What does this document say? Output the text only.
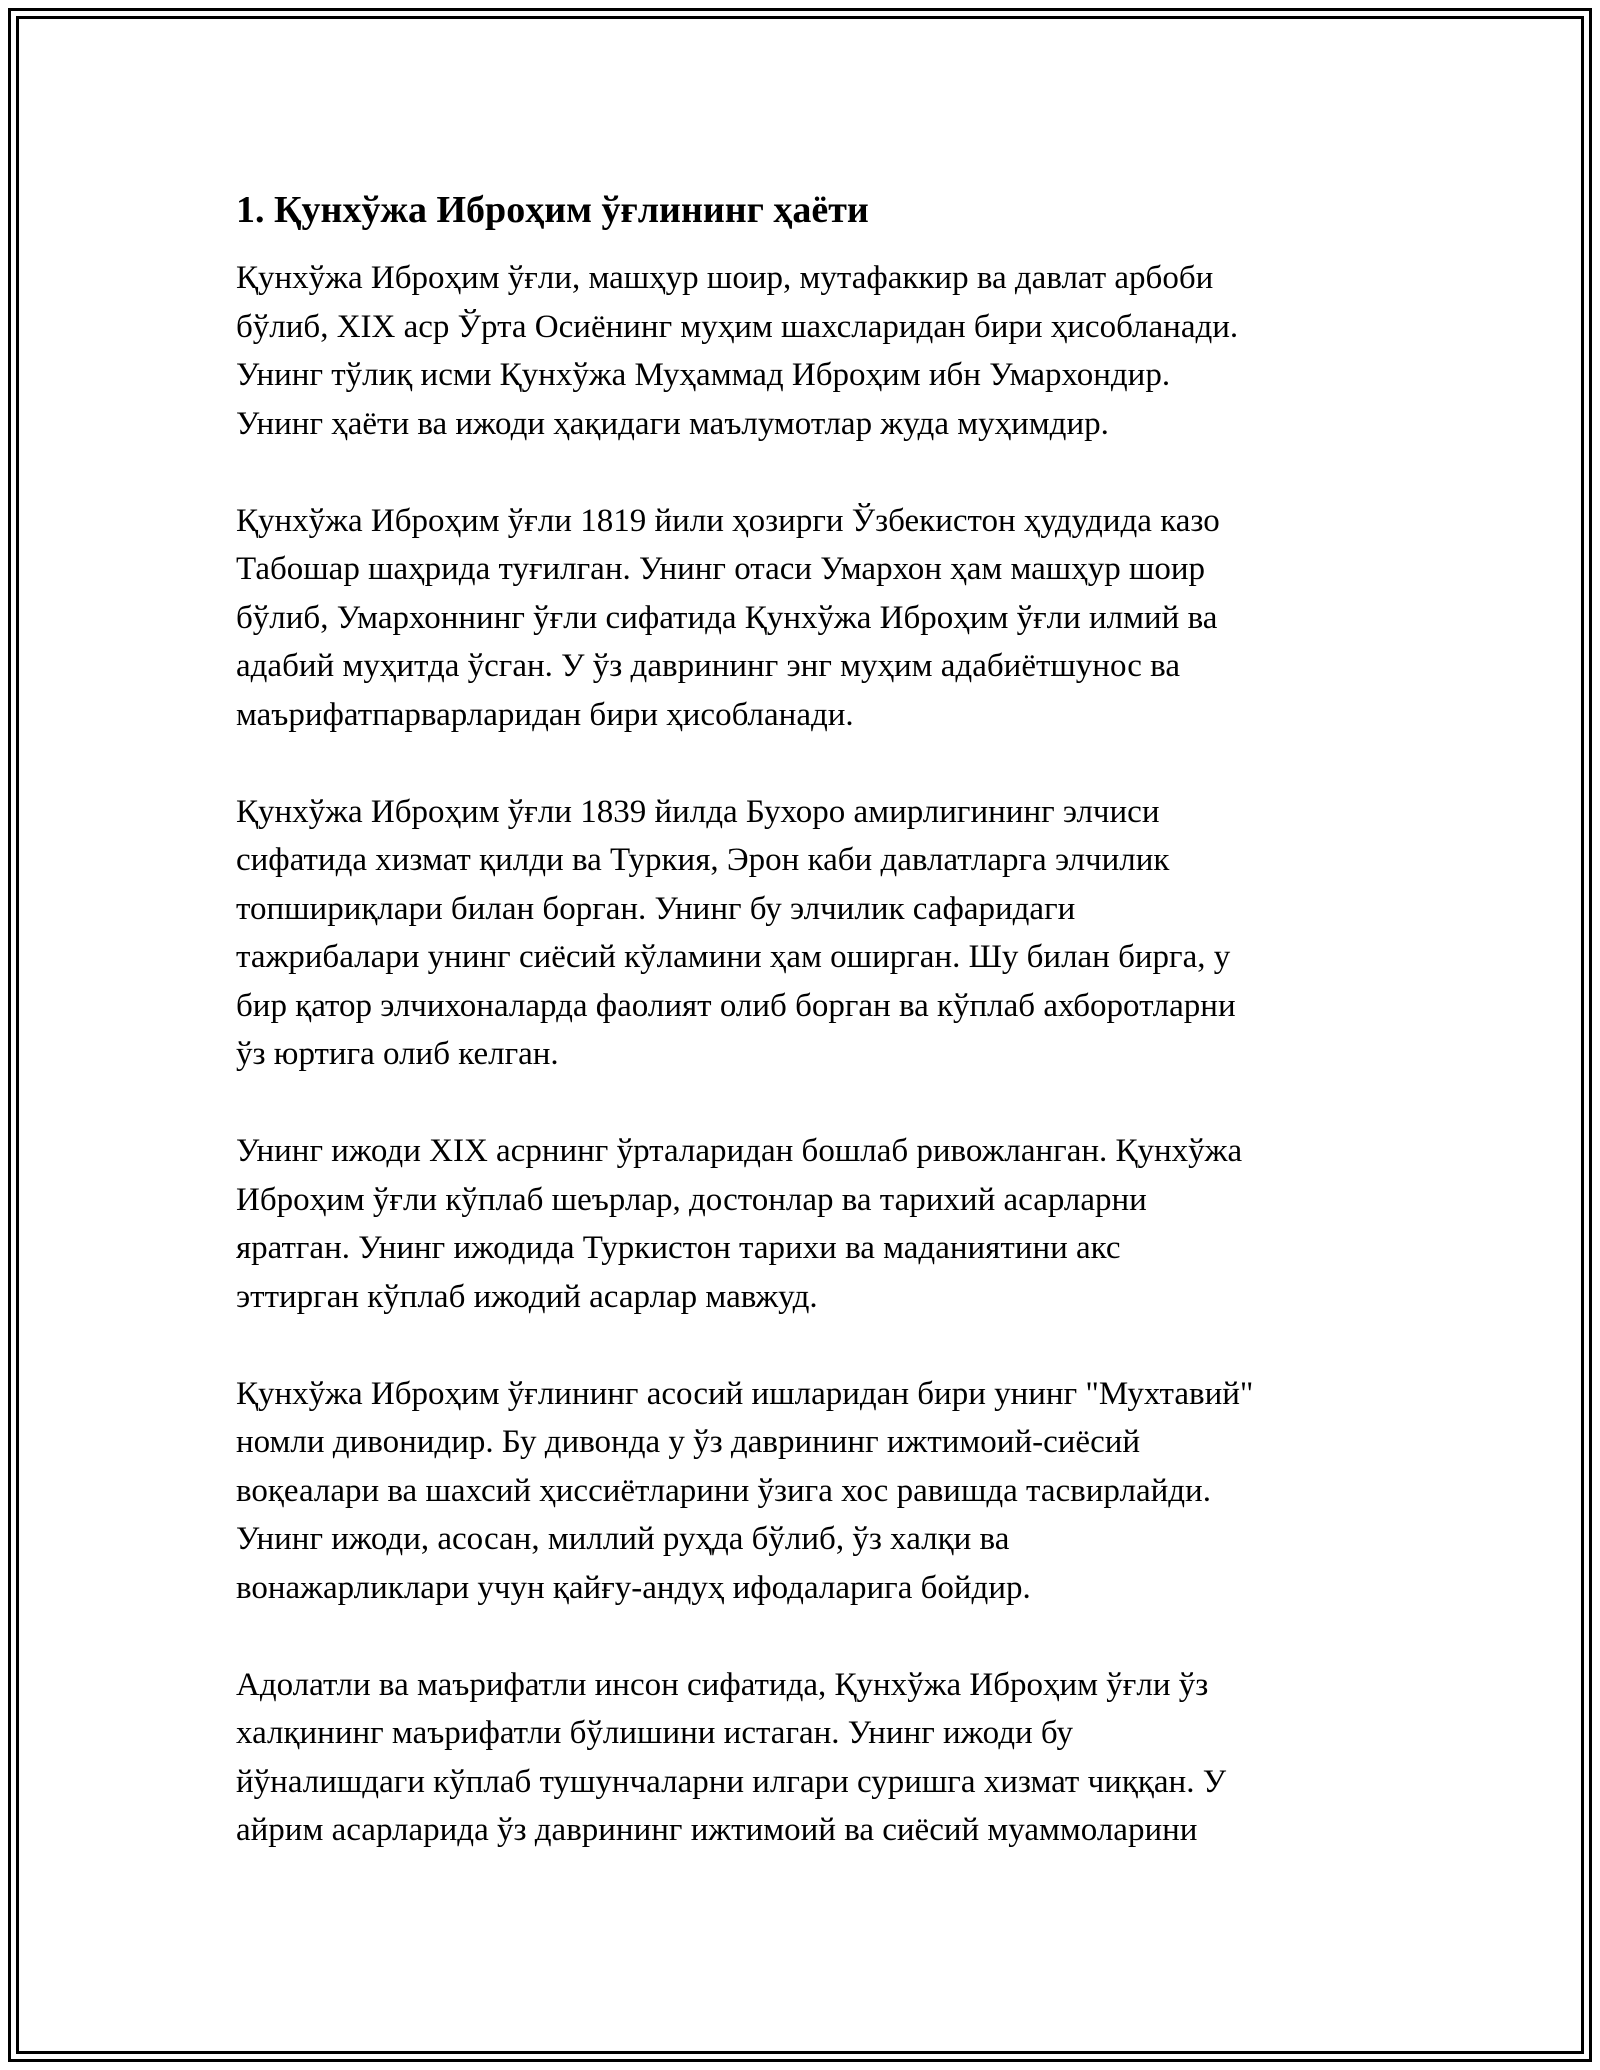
1. Қунхўжа Иброҳим ўғлининг ҳаёти

Қунхўжа Иброҳим ўғли, машҳур шоир, мутафаккир ва давлат арбоби
бўлиб, XIX аср Ўрта Осиёнинг муҳим шахсларидан бири ҳисобланади.
Унинг тўлиқ исми Қунхўжа Муҳаммад Иброҳим ибн Умархондир.
Унинг ҳаёти ва ижоди ҳақидаги маълумотлар жуда муҳимдир.

Қунхўжа Иброҳим ўғли 1819 йили ҳозирги Ўзбекистон ҳудудида казо
Табошар шаҳрида туғилган. Унинг отаси Умархон ҳам машҳур шоир
бўлиб, Умархоннинг ўғли сифатида Қунхўжа Иброҳим ўғли илмий ва
адабий муҳитда ўсган. У ўз даврининг энг муҳим адабиётшунос ва
маърифатпарварларидан бири ҳисобланади.

Қунхўжа Иброҳим ўғли 1839 йилда Бухоро амирлигининг элчиси
сифатида хизмат қилди ва Туркия, Эрон каби давлатларга элчилик
топшириқлари билан борган. Унинг бу элчилик сафаридаги
тажрибалари унинг сиёсий кўламини ҳам оширган. Шу билан бирга, у
бир қатор элчихоналарда фаолият олиб борган ва кўплаб ахборотларни
ўз юртига олиб келган.

Унинг ижоди XIX асрнинг ўрталаридан бошлаб ривожланган. Қунхўжа
Иброҳим ўғли кўплаб шеърлар, достонлар ва тарихий асарларни
яратган. Унинг ижодида Туркистон тарихи ва маданиятини акс
эттирган кўплаб ижодий асарлар мавжуд.

Қунхўжа Иброҳим ўғлининг асосий ишларидан бири унинг "Мухтавий"
номли дивонидир. Бу дивонда у ўз даврининг ижтимоий-сиёсий
воқеалари ва шахсий ҳиссиётларини ўзига хос равишда тасвирлайди.
Унинг ижоди, асосан, миллий руҳда бўлиб, ўз халқи ва
вонажарликлари учун қайғу-андуҳ ифодаларига бойдир.

Адолатли ва маърифатли инсон сифатида, Қунхўжа Иброҳим ўғли ўз
халқининг маърифатли бўлишини истаган. Унинг ижоди бу
йўналишдаги кўплаб тушунчаларни илгари суришга хизмат чиққан. У
айрим асарларида ўз даврининг ижтимоий ва сиёсий муаммоларини
